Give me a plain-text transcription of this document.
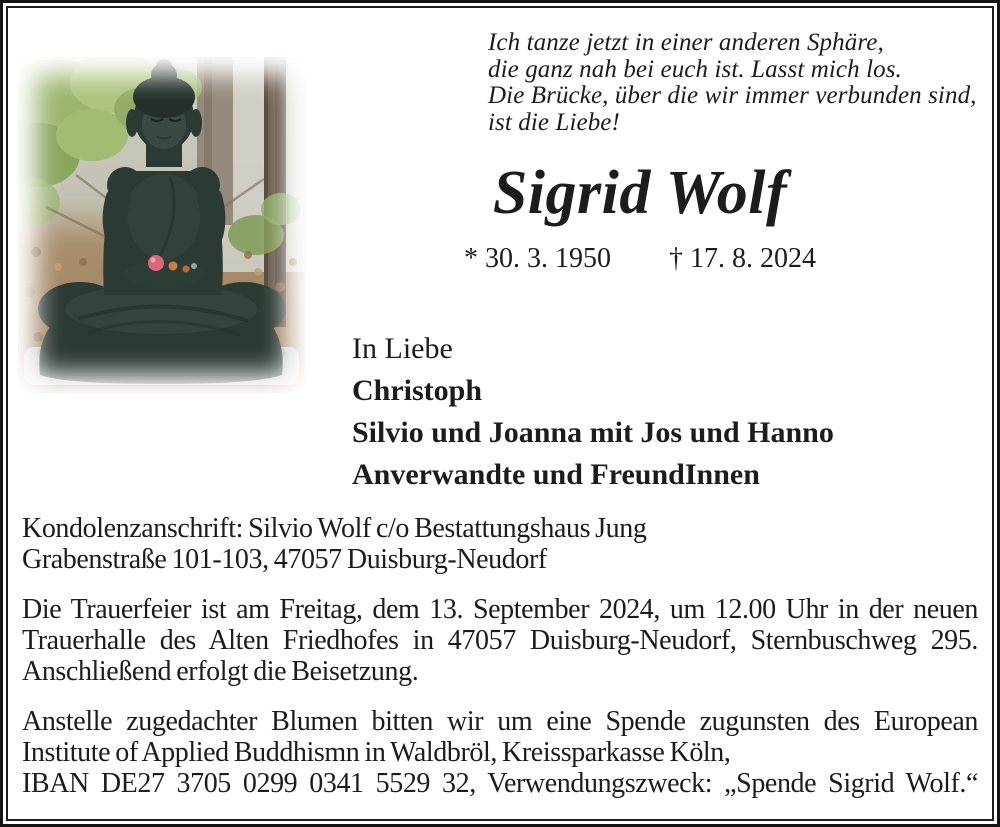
Ich tanze jetzt in einer anderen Sphäre,
die ganz nah bei euch ist. Lasst mich los.
Die Brücke, über die wir immer verbunden sind,
ist die Liebe!
Sigrid Wolf
* 30. 3. 1950 † 17. 8. 2024
In Liebe
Christoph
Silvio und Joanna mit Jos und Hanno
Anverwandte und FreundInnen
Kondolenzanschrift: Silvio Wolf c/o Bestattungshaus Jung
Grabenstraße 101-103, 47057 Duisburg-Neudorf
Die Trauerfeier ist am Freitag, dem 13. September 2024, um 12.00 Uhr in der neuen
Trauerhalle des Alten Friedhofes in 47057 Duisburg-Neudorf, Sternbuschweg 295.
Anschließend erfolgt die Beisetzung.
Anstelle zugedachter Blumen bitten wir um eine Spende zugunsten des European
Institute of Applied Buddhismn in Waldbröl, Kreissparkasse Köln,
IBAN DE27 3705 0299 0341 5529 32, Verwendungszweck: „Spende Sigrid Wolf.“
